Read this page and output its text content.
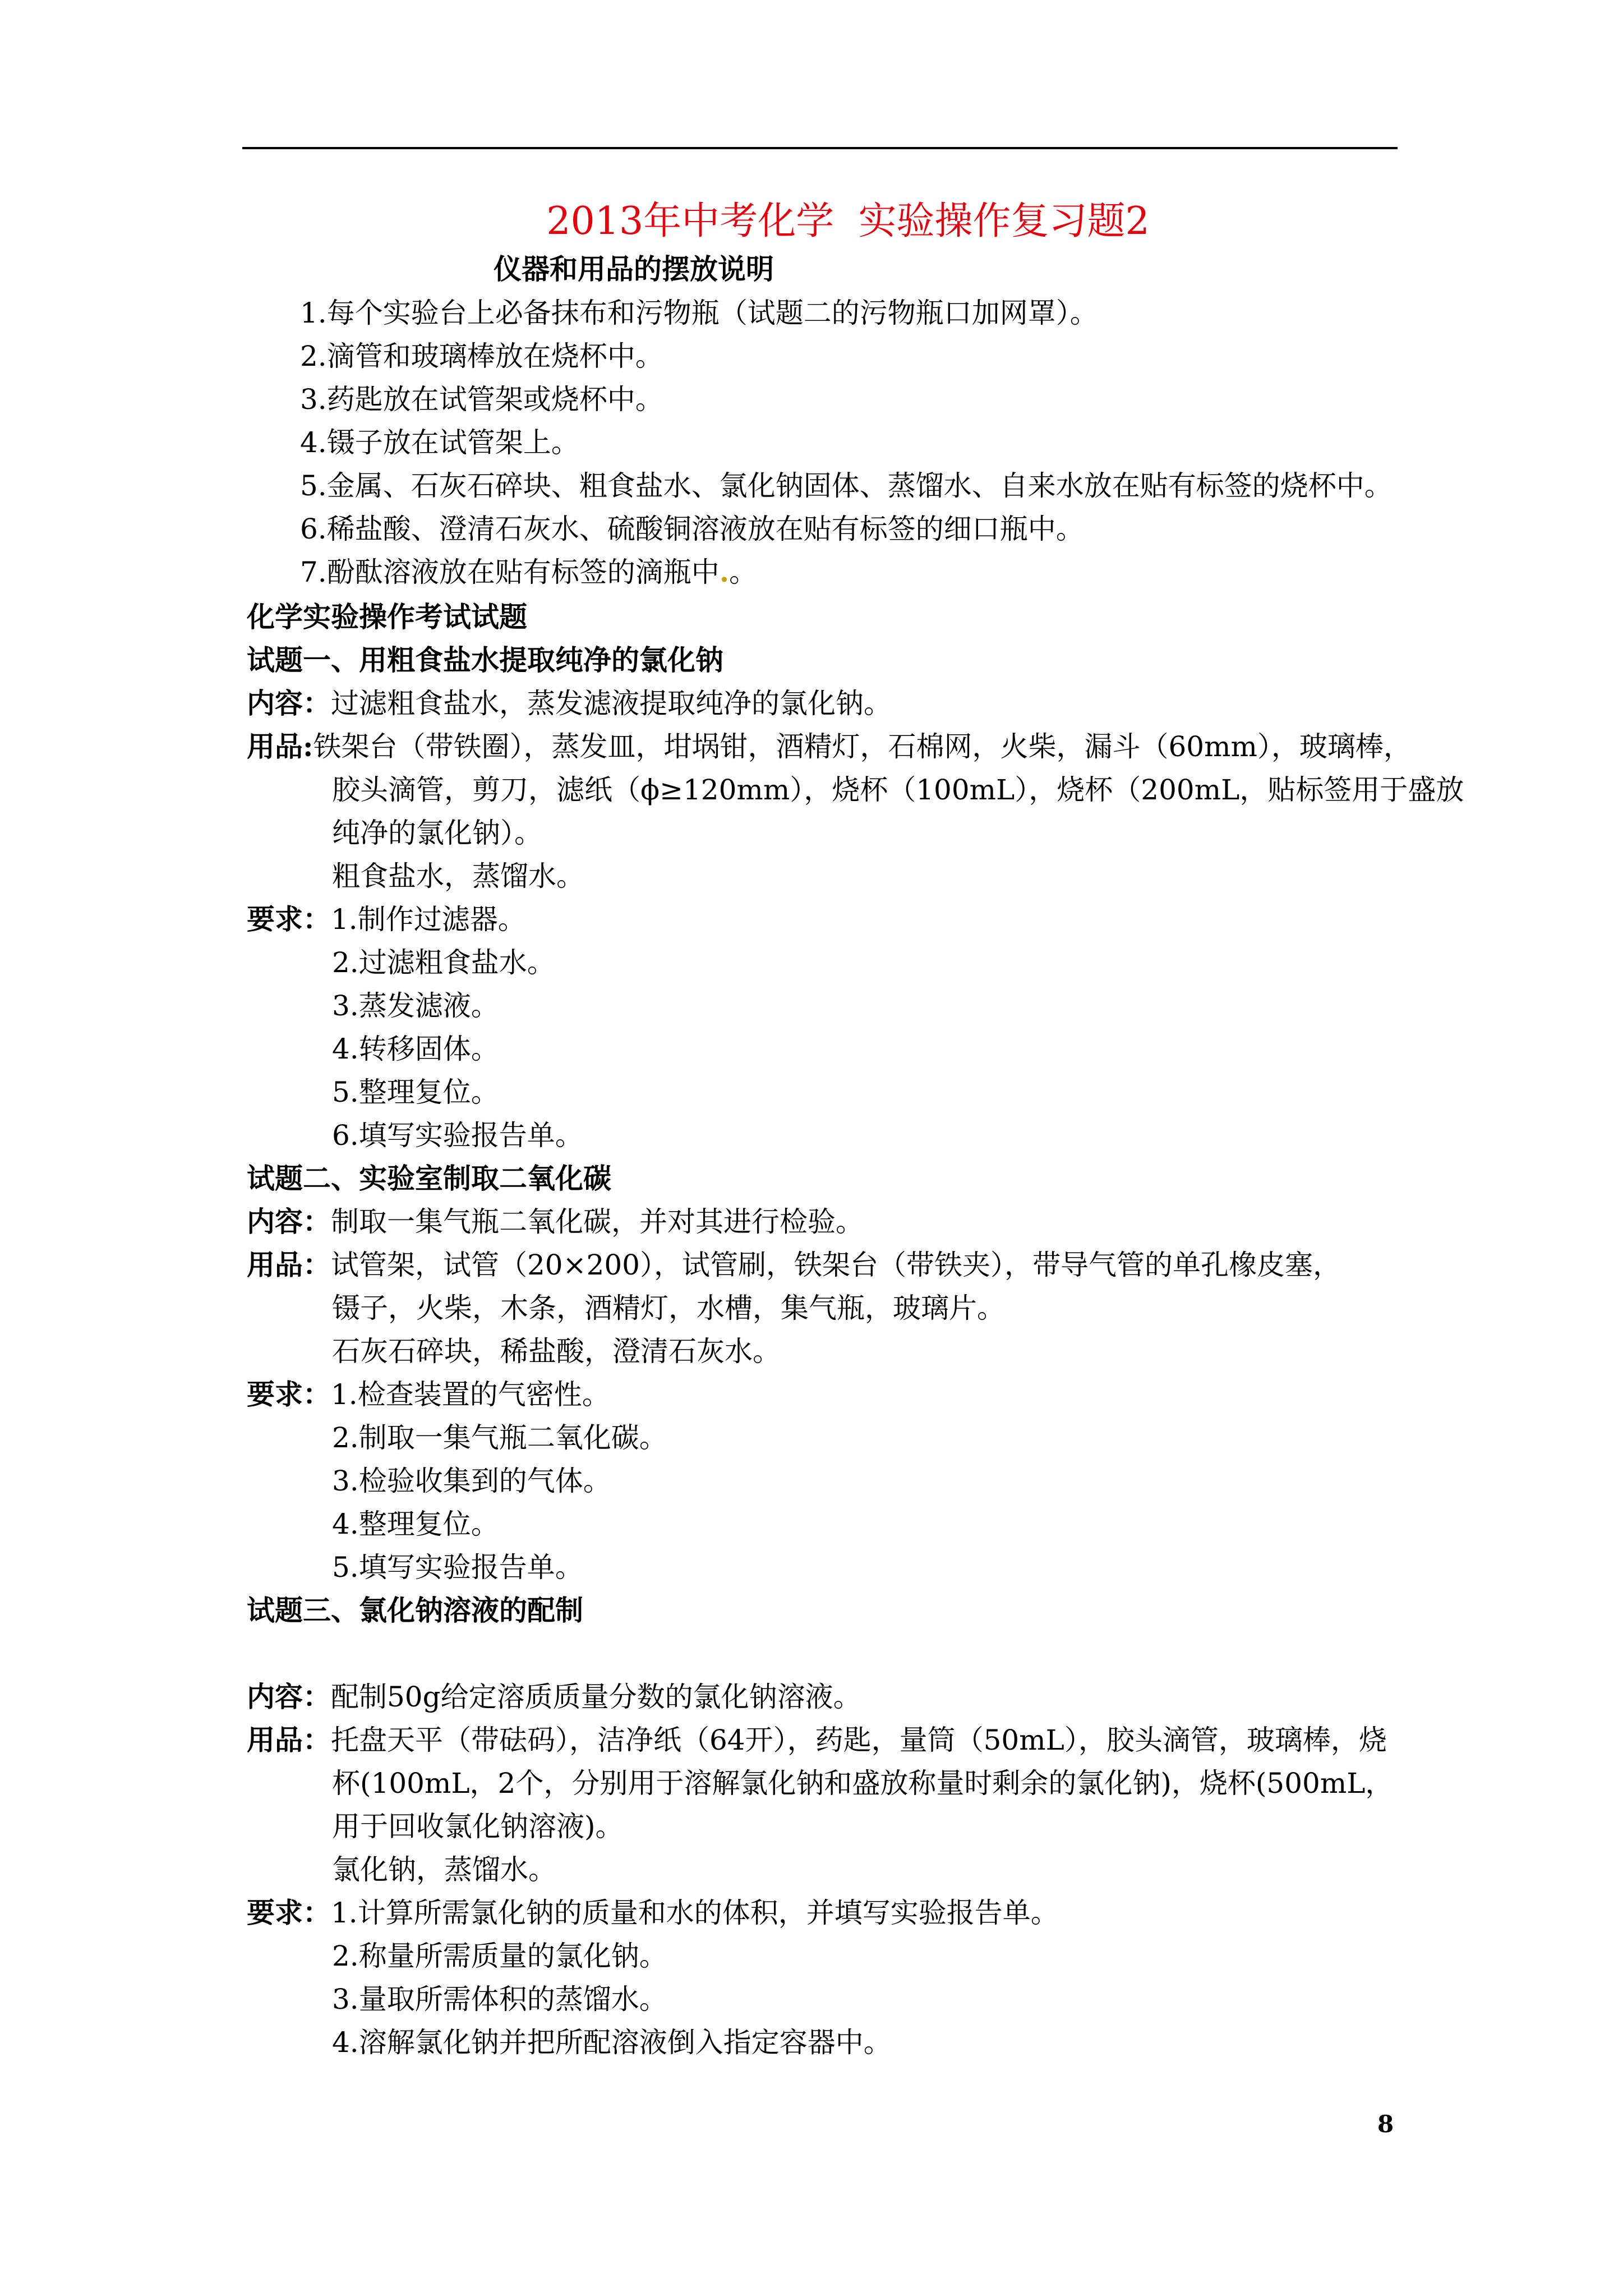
2013年中考化学  实验操作复习题2
仪器和用品的摆放说明
1.每个实验台上必备抹布和污物瓶（试题二的污物瓶口加网罩）。
2.滴管和玻璃棒放在烧杯中。
3.药匙放在试管架或烧杯中。
4.镊子放在试管架上。
5.金属、石灰石碎块、粗食盐水、氯化钠固体、蒸馏水、自来水放在贴有标签的烧杯中。
6.稀盐酸、澄清石灰水、硫酸铜溶液放在贴有标签的细口瓶中。
7.酚酞溶液放在贴有标签的滴瓶中.。
化学实验操作考试试题
试题一、用粗食盐水提取纯净的氯化钠
内容：过滤粗食盐水，蒸发滤液提取纯净的氯化钠。
用品:铁架台（带铁圈），蒸发皿，坩埚钳，酒精灯，石棉网，火柴，漏斗（60mm），玻璃棒，
胶头滴管，剪刀，滤纸（ϕ≥120mm），烧杯（100mL），烧杯（200mL，贴标签用于盛放
纯净的氯化钠）。
粗食盐水，蒸馏水。
要求：1.制作过滤器。
2.过滤粗食盐水。
3.蒸发滤液。
4.转移固体。
5.整理复位。
6.填写实验报告单。
试题二、实验室制取二氧化碳
内容：制取一集气瓶二氧化碳，并对其进行检验。
用品：试管架，试管（20×200），试管刷，铁架台（带铁夹），带导气管的单孔橡皮塞，
镊子，火柴，木条，酒精灯，水槽，集气瓶，玻璃片。
石灰石碎块，稀盐酸，澄清石灰水。
要求：1.检查装置的气密性。
2.制取一集气瓶二氧化碳。
3.检验收集到的气体。
4.整理复位。
5.填写实验报告单。
试题三、氯化钠溶液的配制
内容：配制50g给定溶质质量分数的氯化钠溶液。
用品：托盘天平（带砝码），洁净纸（64开），药匙，量筒（50mL），胶头滴管，玻璃棒，烧
杯(100mL，2个，分别用于溶解氯化钠和盛放称量时剩余的氯化钠)，烧杯(500mL，
用于回收氯化钠溶液)。
氯化钠，蒸馏水。
要求：1.计算所需氯化钠的质量和水的体积，并填写实验报告单。
2.称量所需质量的氯化钠。
3.量取所需体积的蒸馏水。
4.溶解氯化钠并把所配溶液倒入指定容器中。
8
